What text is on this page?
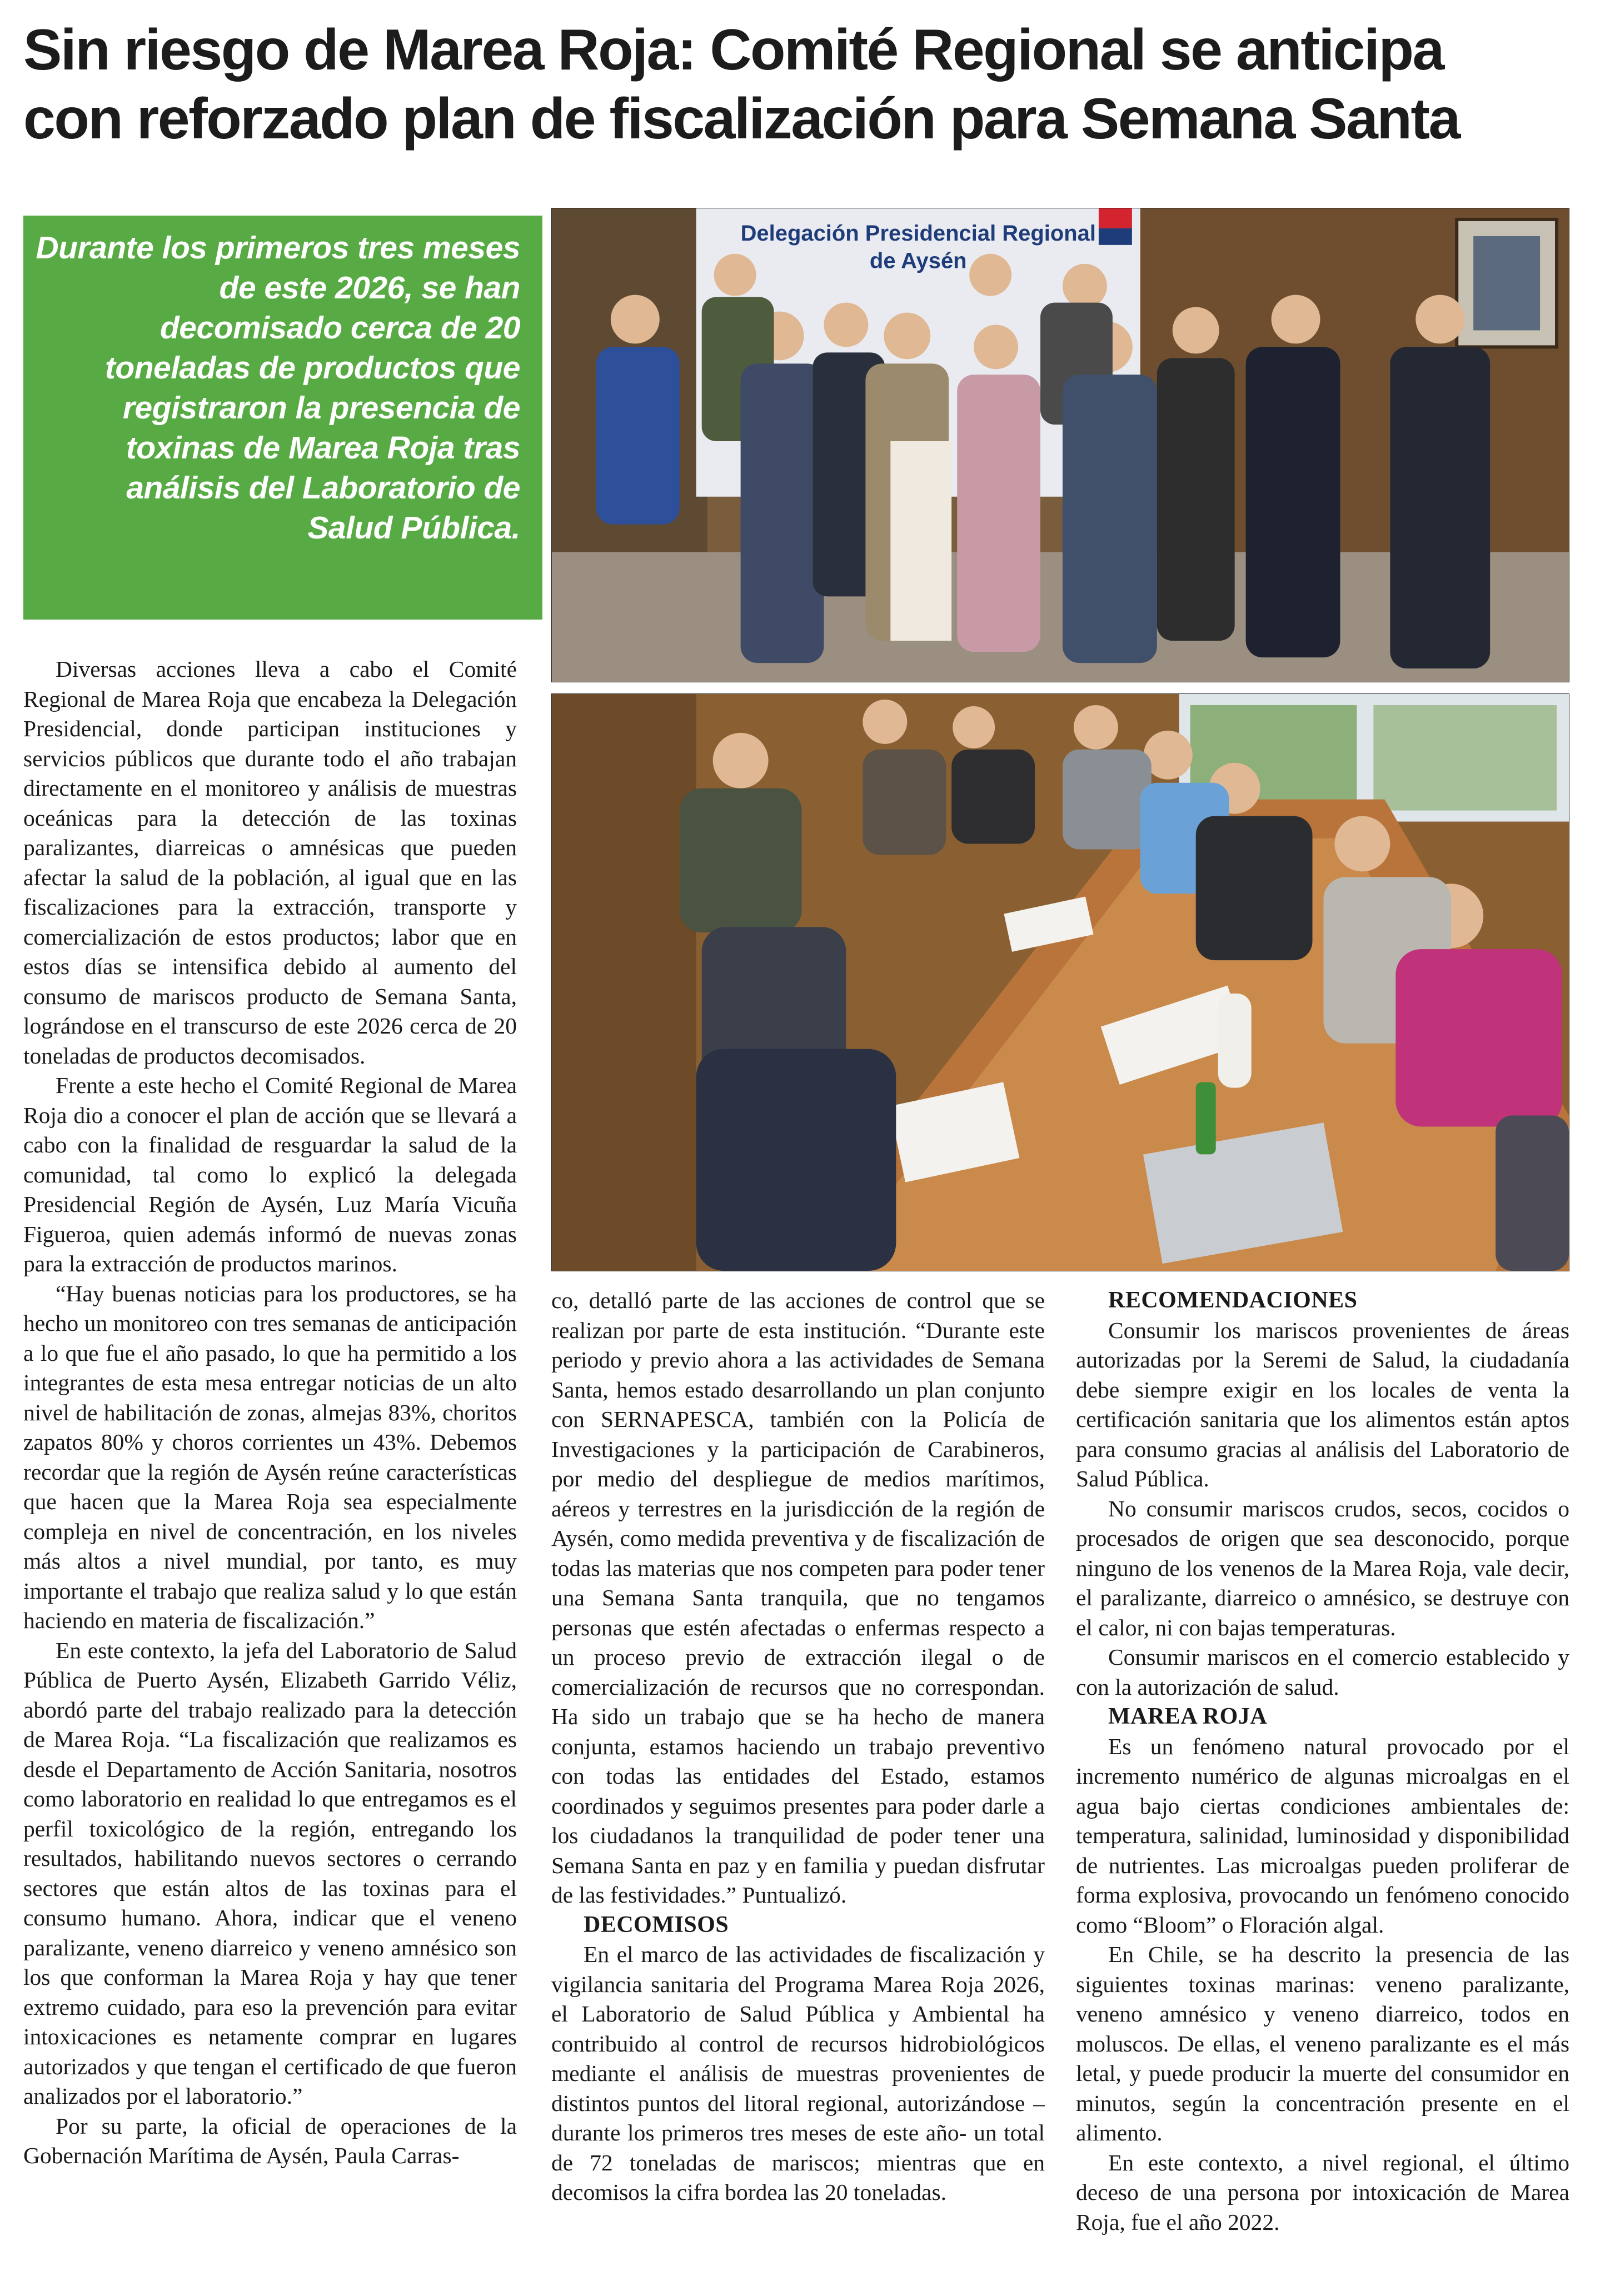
Sin riesgo de Marea Roja: Comité Regional se anticipa
con reforzado plan de fiscalización para Semana Santa
Durante los primeros tres meses de este 2026, se han decomisado cerca de 20 toneladas de productos que registraron la presencia de toxinas de Marea Roja tras análisis del Laboratorio de Salud Pública.
Delegación Presidencial Regional
de Aysén

Diversas acciones lleva a cabo el Comité Regional de Marea Roja que encabeza la Delegación Presidencial, donde participan instituciones y servicios públicos que durante todo el año trabajan directamente en el monitoreo y análisis de muestras oceánicas para la detección de las toxinas paralizantes, diarreicas o amnésicas que pueden afectar la salud de la población, al igual que en las fiscalizaciones para la extracción, transporte y comercialización de estos productos; labor que en estos días se intensifica debido al aumento del consumo de mariscos producto de Semana Santa, lográndose en el transcurso de este 2026 cerca de 20 toneladas de productos decomisados.

Frente a este hecho el Comité Regional de Marea Roja dio a conocer el plan de acción que se llevará a cabo con la finalidad de resguardar la salud de la comunidad, tal como lo explicó la delegada Presidencial Región de Aysén, Luz María Vicuña Figueroa, quien además informó de nuevas zonas para la extracción de productos marinos.

“Hay buenas noticias para los productores, se ha hecho un monitoreo con tres semanas de anticipación a lo que fue el año pasado, lo que ha permitido a los integrantes de esta mesa entregar noticias de un alto nivel de habilitación de zonas, almejas 83%, choritos zapatos 80% y choros corrientes un 43%. Debemos recordar que la región de Aysén reúne características que hacen que la Marea Roja sea especialmente compleja en nivel de concentración, en los niveles más altos a nivel mundial, por tanto, es muy importante el trabajo que realiza salud y lo que están haciendo en materia de fiscalización.”

En este contexto, la jefa del Laboratorio de Salud Pública de Puerto Aysén, Elizabeth Garrido Véliz, abordó parte del trabajo realizado para la detección de Marea Roja. “La fiscalización que realizamos es desde el Departamento de Acción Sanitaria, nosotros como laboratorio en realidad lo que entregamos es el perfil toxicológico de la región, entregando los resultados, habilitando nuevos sectores o cerrando sectores que están altos de las toxinas para el consumo humano. Ahora, indicar que el veneno paralizante, veneno diarreico y veneno amnésico son los que conforman la Marea Roja y hay que tener extremo cuidado, para eso la prevención para evitar intoxicaciones es netamente comprar en lugares autorizados y que tengan el certificado de que fueron analizados por el laboratorio.”

Por su parte, la oficial de operaciones de la Gobernación Marítima de Aysén, Paula Carras-

co, detalló parte de las acciones de control que se realizan por parte de esta institución. “Durante este periodo y previo ahora a las actividades de Semana Santa, hemos estado desarrollando un plan conjunto con SERNAPESCA, también con la Policía de Investigaciones y la participación de Carabineros, por medio del despliegue de medios marítimos, aéreos y terrestres en la jurisdicción de la región de Aysén, como medida preventiva y de fiscalización de todas las materias que nos competen para poder tener una Semana Santa tranquila, que no tengamos personas que estén afectadas o enfermas respecto a un proceso previo de extracción ilegal o de comercialización de recursos que no correspondan. Ha sido un trabajo que se ha hecho de manera conjunta, estamos haciendo un trabajo preventivo con todas las entidades del Estado, estamos coordinados y seguimos presentes para poder darle a los ciudadanos la tranquilidad de poder tener una Semana Santa en paz y en familia y puedan disfrutar de las festividades.” Puntualizó.

DECOMISOS

En el marco de las actividades de fiscalización y vigilancia sanitaria del Programa Marea Roja 2026, el Laboratorio de Salud Pública y Ambiental ha contribuido al control de recursos hidrobiológicos mediante el análisis de muestras provenientes de distintos puntos del litoral regional, autorizándose – durante los primeros tres meses de este año- un total de 72 toneladas de mariscos; mientras que en decomisos la cifra bordea las 20 toneladas.

RECOMENDACIONES

Consumir los mariscos provenientes de áreas autorizadas por la Seremi de Salud, la ciudadanía debe siempre exigir en los locales de venta la certificación sanitaria que los alimentos están aptos para consumo gracias al análisis del Laboratorio de Salud Pública.

No consumir mariscos crudos, secos, cocidos o procesados de origen que sea desconocido, porque ninguno de los venenos de la Marea Roja, vale decir, el paralizante, diarreico o amnésico, se destruye con el calor, ni con bajas temperaturas.

Consumir mariscos en el comercio establecido y con la autorización de salud.

MAREA ROJA

Es un fenómeno natural provocado por el incremento numérico de algunas microalgas en el agua bajo ciertas condiciones ambientales de: temperatura, salinidad, luminosidad y disponibilidad de nutrientes. Las microalgas pueden proliferar de forma explosiva, provocando un fenómeno conocido como “Bloom” o Floración algal.

En Chile, se ha descrito la presencia de las siguientes toxinas marinas: veneno paralizante, veneno amnésico y veneno diarreico, todos en moluscos. De ellas, el veneno paralizante es el más letal, y puede producir la muerte del consumidor en minutos, según la concentración presente en el alimento.

En este contexto, a nivel regional, el último deceso de una persona por intoxicación de Marea Roja, fue el año 2022.
